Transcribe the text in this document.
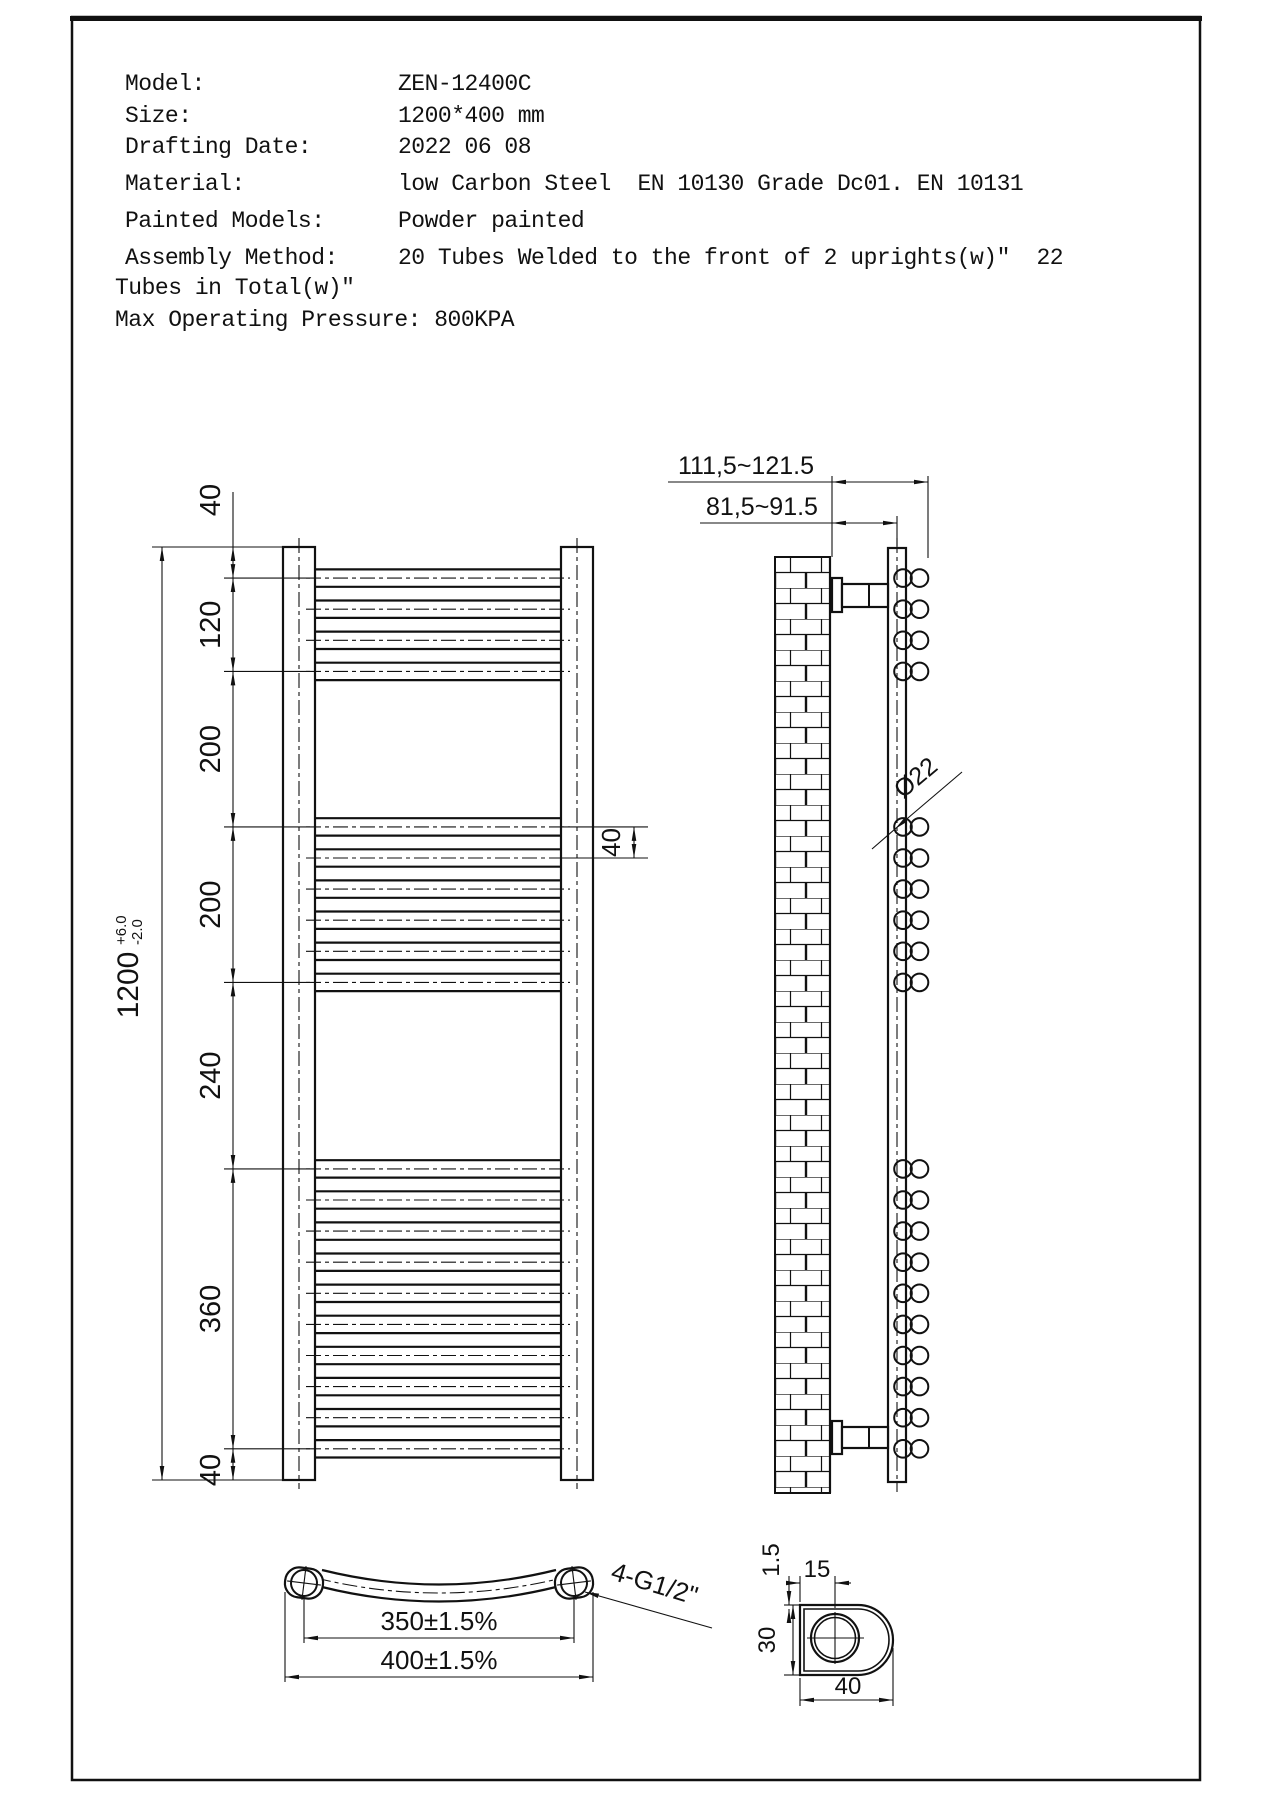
Model:	ZEN-12400C
Size:	1200*400 mm
Drafting Date:	2022 06 08
Material:	low Carbon Steel  EN 10130 Grade Dc01. EN 10131
Painted Models:	Powder painted
Assembly Method:	20 Tubes Welded to the front of 2 uprights(w)"  22
Tubes in Total(w)"
Max Operating Pressure: 800KPA
1200
+6.0 -2.0
40
120
200
200
240
360
40
40
111,5~121.5
81,5~91.5
Ø22
350±1.5%
400±1.5%
4-G1/2"	15
1.5
30
40
